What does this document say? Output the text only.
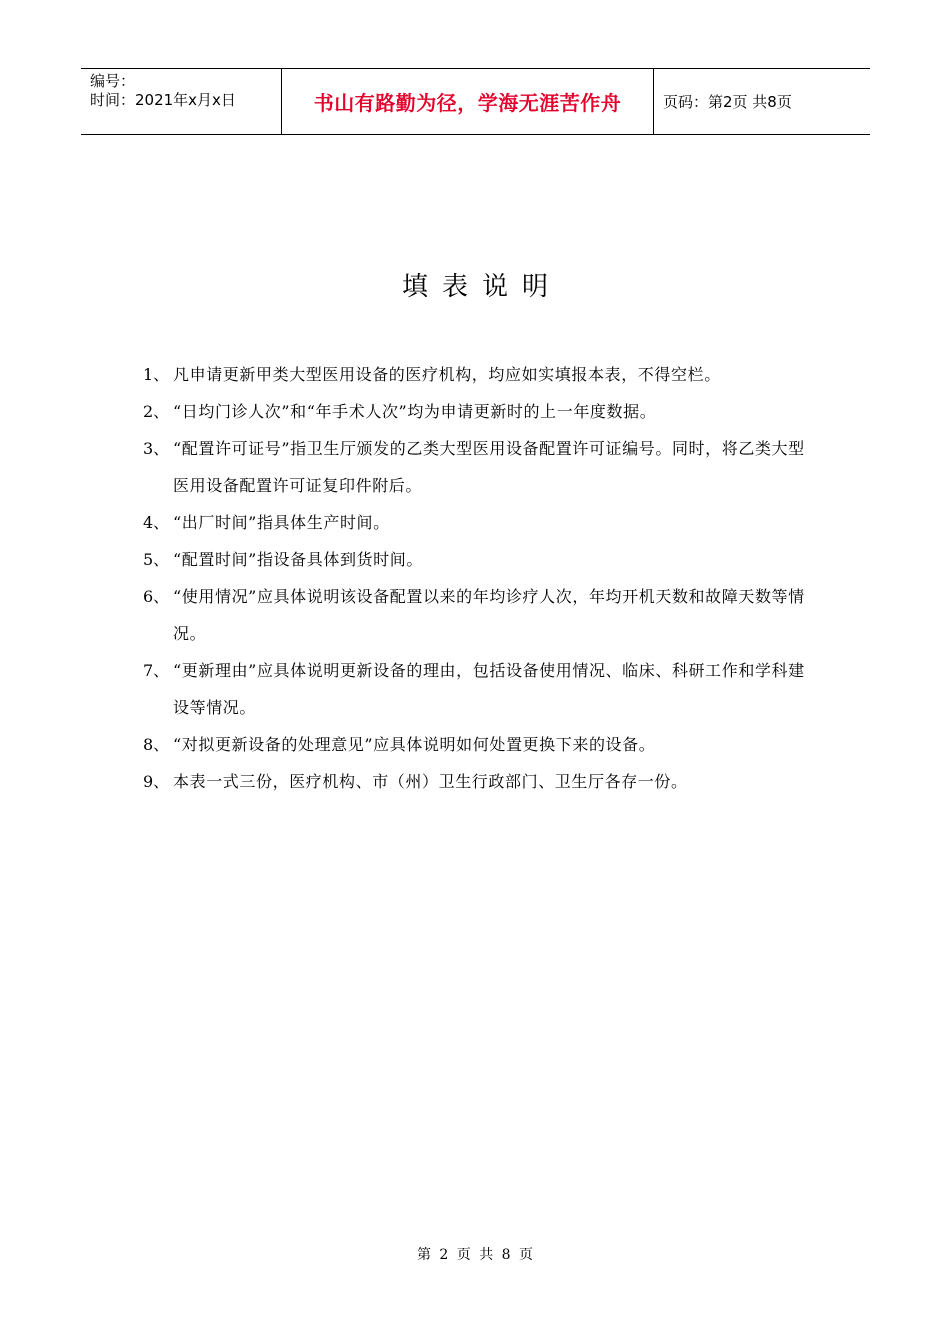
编号：
时间：2021年x月x日	书山有路勤为径，学海无涯苦作舟	页码：第2页 共8页
填表说明
1、 凡申请更新甲类大型医用设备的医疗机构，均应如实填报本表，不得空栏。
2、 “日均门诊人次”和“年手术人次”均为申请更新时的上一年度数据。
3、 “配置许可证号”指卫生厅颁发的乙类大型医用设备配置许可证编号。同时，将乙类大型医用设备配置许可证复印件附后。
4、 “出厂时间”指具体生产时间。
5、 “配置时间”指设备具体到货时间。
6、 “使用情况”应具体说明该设备配置以来的年均诊疗人次，年均开机天数和故障天数等情况。
7、 “更新理由”应具体说明更新设备的理由，包括设备使用情况、临床、科研工作和学科建设等情况。
8、 “对拟更新设备的处理意见”应具体说明如何处置更换下来的设备。
9、 本表一式三份，医疗机构、市（州）卫生行政部门、卫生厅各存一份。
第 2 页 共 8 页
